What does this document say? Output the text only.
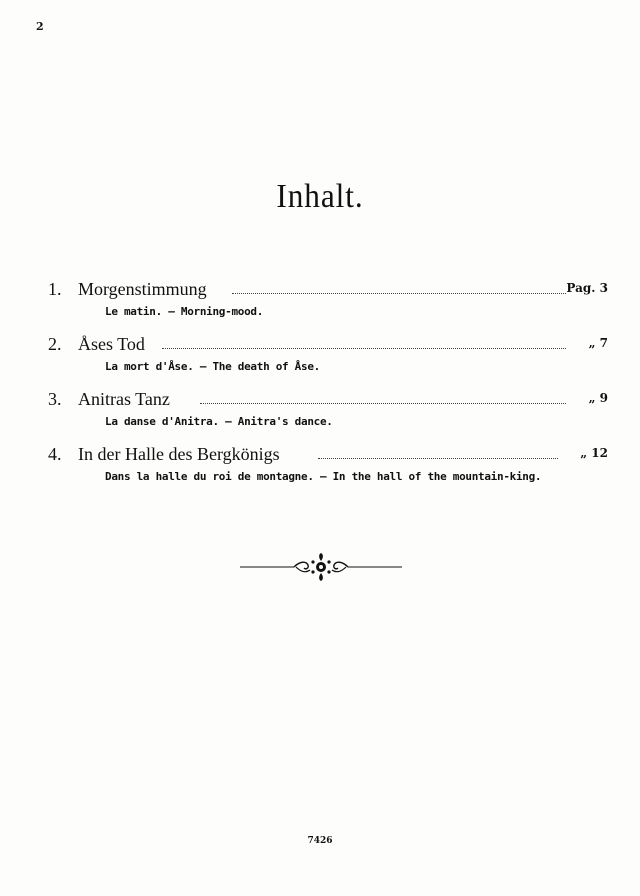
2
Inhalt.
1. Morgenstimmung	Pag. 3
Le matin. — Morning-mood.
2. Åses Tod	„ 7
La mort d'Åse. — The death of Åse.
3. Anitras Tanz	„ 9
La danse d'Anitra. — Anitra's dance.
4. In der Halle des Bergkönigs	„ 12
Dans la halle du roi de montagne. — In the hall of the mountain-king.
7426
